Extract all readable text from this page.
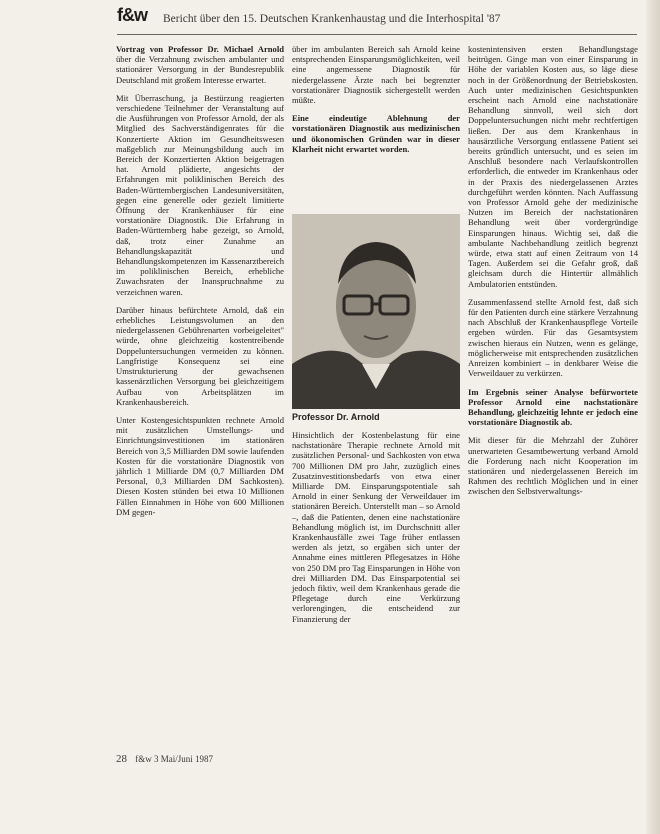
f&w Bericht über den 15. Deutschen Krankenhaustag und die Interhospital '87

Vortrag von Professor Dr. Michael Arnold über die Verzahnung zwischen ambulanter und stationärer Versorgung in der Bundesrepublik Deutschland mit großem Interesse erwartet.

Mit Überraschung, ja Bestürzung reagierten verschiedene Teilnehmer der Veranstaltung auf die Ausführungen von Professor Arnold, der als Mitglied des Sachverständigenrates für die Konzertierte Aktion im Gesundheitswesen maßgeblich zur Meinungsbildung auch im Bereich der Konzertierten Aktion beigetragen hat. Arnold plädierte, angesichts der Erfahrungen mit poliklinischen Bereich des Baden-Württembergischen Landesuniversitäten, gegen eine generelle oder gezielt limitierte Öffnung der Krankenhäuser für eine vorstationäre Diagnostik. Die Erfahrung in Baden-Württemberg habe gezeigt, so Arnold, daß, trotz einer Zunahme an Behandlungskapazität und Behandlungskompetenzen im Kassenarztbereich im poliklinischen Bereich, erhebliche Zuwachsraten der Inanspruchnahme zu verzeichnen waren.

Darüber hinaus befürchtete Arnold, daß ein erhebliches Leistungsvolumen an den niedergelassenen Gebührenarten vorbeigeleitet" würde, ohne gleichzeitig kostentreibende Doppeluntersuchungen vermeiden zu können. Langfristige Konsequenz sei eine Umstrukturierung der gewachsenen kassenärztlichen Versorgung bei gleichzeitigem Aufbau von Arbeitsplätzen im Krankenhausbereich.

Unter Kostengesichtspunkten rechnete Arnold mit zusätzlichen Umstellungs- und Einrichtungsinvestitionen im stationären Bereich von 3,5 Milliarden DM sowie laufenden Kosten für die vorstationäre Diagnostik von jährlich 1 Milliarde DM (0,7 Milliarden DM Personal, 0,3 Milliarden DM Sachkosten). Diesen Kosten stünden bei etwa 10 Millionen Fällen Einnahmen in Höhe von 600 Millionen DM gegen-

über im ambulanten Bereich sah Arnold keine entsprechenden Einsparungsmöglichkeiten, weil eine angemessene Diagnostik für niedergelassene Ärzte nach bei begrenzter vorstationärer Diagnostik sichergestellt werden müßte.

Eine eindeutige Ablehnung der vorstationären Diagnostik aus medizinischen und ökonomischen Gründen war in dieser Klarheit nicht erwartet worden.

Professor Dr. Arnold

Hinsichtlich der Kostenbelastung für eine nachstationäre Therapie rechnete Arnold mit zusätzlichen Personal- und Sachkosten von etwa 700 Millionen DM pro Jahr, zuzüglich eines Zusatzinvestitionsbedarfs von etwa einer Milliarde DM. Einsparungspotentiale sah Arnold in einer Senkung der Verweildauer im stationären Bereich. Unterstellt man – so Arnold –, daß die Patienten, denen eine nachstationäre Behandlung möglich ist, im Durchschnitt aller Krankenhausfälle zwei Tage früher entlassen werden als jetzt, so ergäben sich unter der Annahme eines mittleren Pflegesatzes in Höhe von 250 DM pro Tag Einsparungen in Höhe von drei Milliarden DM. Das Einsparpotential sei jedoch fiktiv, weil dem Krankenhaus gerade die Pflegetage durch eine Verkürzung verlorengingen, die entscheidend zur Finanzierung der

kostenintensiven ersten Behandlungstage beitrügen. Ginge man von einer Einsparung in Höhe der variablen Kosten aus, so läge diese noch in der Größenordnung der Betriebskosten. Auch unter medizinischen Gesichtspunkten erscheint nach Arnold eine nachstationäre Behandlung sinnvoll, weil sich dort Doppeluntersuchungen nicht mehr rechtfertigen ließen. Der aus dem Krankenhaus in hausärztliche Versorgung entlassene Patient sei bereits gründlich untersucht, und es seien im Anschluß besondere nach Verlaufskontrollen erforderlich, die entweder im Krankenhaus oder in der Praxis des niedergelassenen Arztes durchgeführt werden könnten. Nach Auffassung von Professor Arnold gehe der medizinische Nutzen im Bereich der nachstationären Behandlung weit über vordergründige Einsparungen hinaus. Wichtig sei, daß die ambulante Nachbehandlung zeitlich begrenzt würde, etwa statt auf einen Zeitraum von 14 Tagen. Außerdem sei die Gefahr groß, daß gleichsam durch die Hintertür allmählich Ambulatorien entstünden.

Zusammenfassend stellte Arnold fest, daß sich für den Patienten durch eine stärkere Verzahnung nach Abschluß der Krankenhauspflege Vorteile ergeben würden. Für das Gesamtsystem zwischen hieraus ein Nutzen, wenn es gelänge, möglicherweise mit entsprechenden zusätzlichen Anreizen kombiniert – in denkbarer Weise die Verweildauer zu verkürzen.

Im Ergebnis seiner Analyse befürwortete Professor Arnold eine nachstationäre Behandlung, gleichzeitig lehnte er jedoch eine vorstationäre Diagnostik ab.

Mit dieser für die Mehrzahl der Zuhörer unerwarteten Gesamtbewertung verband Arnold die Forderung nach nicht Kooperation im stationären und niedergelassenen Bereich im Rahmen des rechtlich Möglichen und in einer zwischen den Selbstverwaltungs-

28 f&w 3 Mai/Juni 1987
